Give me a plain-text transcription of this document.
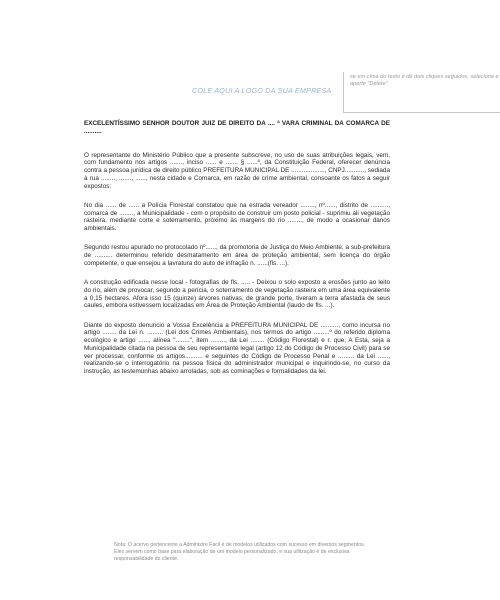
COLE AQUI A LOGO DA SUA EMPRESA
se em cima do texto e dê dois cliques seguidos, selecione e aperte "Delete"

EXCELENTÍSSIMO SENHOR DOUTOR JUIZ DE DIREITO DA .... ª VARA CRIMINAL DA COMARCA DE ..........

O representante do Ministério Público que a presente subscreve, no uso de suas atribuições legais, vem, com fundamento nos artigos ......., inciso ...... e ....... § ......º, da Constituição Federal, oferecer denúncia contra a pessoa jurídica de direito público PREFEITURA MUNICIPAL DE ..................., CNPJ..........., sediada à rua ........, ......., ......, nesta cidade e Comarca, em razão de crime ambiental, consoante os fatos a seguir expostos:

No dia ...... de ...... a Polícia Florestal constatou que na estrada vereador ........, nº......, distrito de .........., comarca de ........, a Municipalidade - com o propósito de construir um posto policial - suprimiu ali vegetação rasteira, mediante corte e soterramento, próximo às margens do rio ........, de modo a ocasionar danos ambientais.

Segundo restou apurado no protocolado nº......, da promotoria de Justiça do Meio Ambiente, a sub-prefeitura de .......... determinou referido desmatamento em área de proteção ambiental, sem licença do órgão competente, o que ensejou a lavratura do auto de infração n. ......(fls. ...).

A construção edificada nesse local - fotografias de fls. ..... - Deixou o solo exposto a erosões junto ao leito do rio, além de provocar, segundo a perícia, o soterramento de vegetação rasteira em uma área equivalente a 0,15 hectares. Afora isso 15 (quinze) árvores nativas, de grande porte, tiveram a terra afastada de seus caules, embora estivessem localizadas em Área de Proteção Ambiental (laudo de fls. ...).

Diante do exposto denuncio a Vossa Excelência a PREFEITURA MUNICIPAL DE .........., como incursa no artigo ........ da Lei n. ......... (Lei dos Crimes Ambientais), nos termos do artigo .........º do referido diploma ecológico e artigo ......, alínea "........", item ........, da Lei ........ (Código Florestal) e r. que, A Esta, seja a Municipalidade citada na pessoa de seu representante legal (artigo 12 do Código de Processo Civil) para se ver processar, conforme os artigos.......... e seguintes do Código de Processo Penal e ......... da Lei ......, realizando-se o interrogatório na pessoa física do administrador municipal e inquirindo-se, no curso da instrução, as testemunhas abaixo arroladas, sob as cominações e formalidades da lei.

Nota: O acervo pertencente a Administre Fácil é de modelos utilizados com sucesso em diversos segmentos. Eles servem como base para elaboração de um modelo personalizado, e sua utilização é de exclusiva responsabilidade do cliente.
